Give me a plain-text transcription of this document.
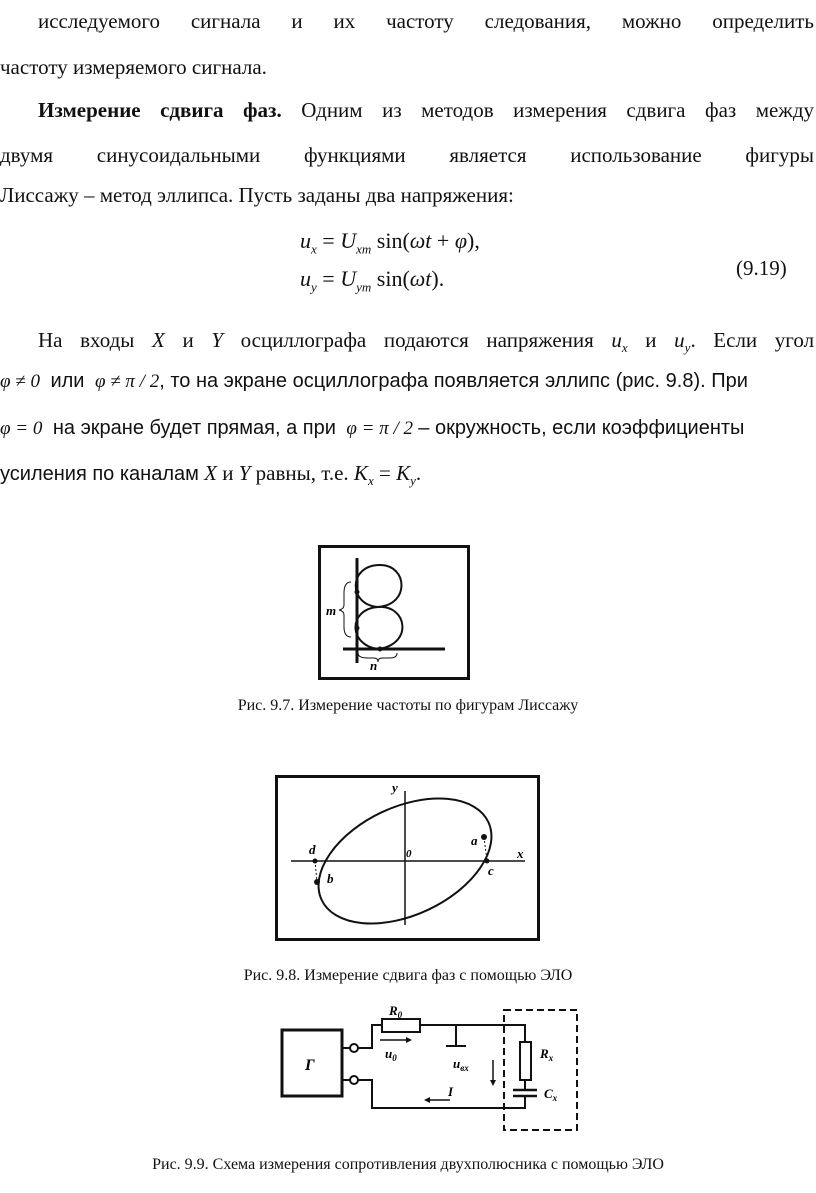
исследуемого сигнала и их частоту следования, можно определить
частоту измеряемого сигнала.
Измерение сдвига фаз. Одним из методов измерения сдвига фаз между
двумя синусоидальными функциями является использование фигуры
Лиссажу – метод эллипса. Пусть заданы два напряжения:
$u_x = U_{xm}$ sin(ωt + φ),
$u_y = U_{ym}$ sin(ωt).	(9.19)
На входы X и Y осциллографа подаются напряжения $u_x$ и $u_y$. Если угол
φ ≠ 0 или φ ≠ π / 2, то на экране осциллографа появляется эллипс (рис. 9.8). При
φ = 0 на экране будет прямая, а при φ = π / 2 – окружность, если коэффициенты
усиления по каналам X и Y равны, т.е. $K_x = K_y$.
m
n
Рис. 9.7. Измерение частоты по фигурам Лиссажу
y
x
0
a
b
c
d
Рис. 9.8. Измерение сдвига фаз с помощью ЭЛО
Г
$R_0$
$u_0$	$u_{вх}$
$R_x$
$C_x$
I
Рис. 9.9. Схема измерения сопротивления двухполюсника с помощью ЭЛО
